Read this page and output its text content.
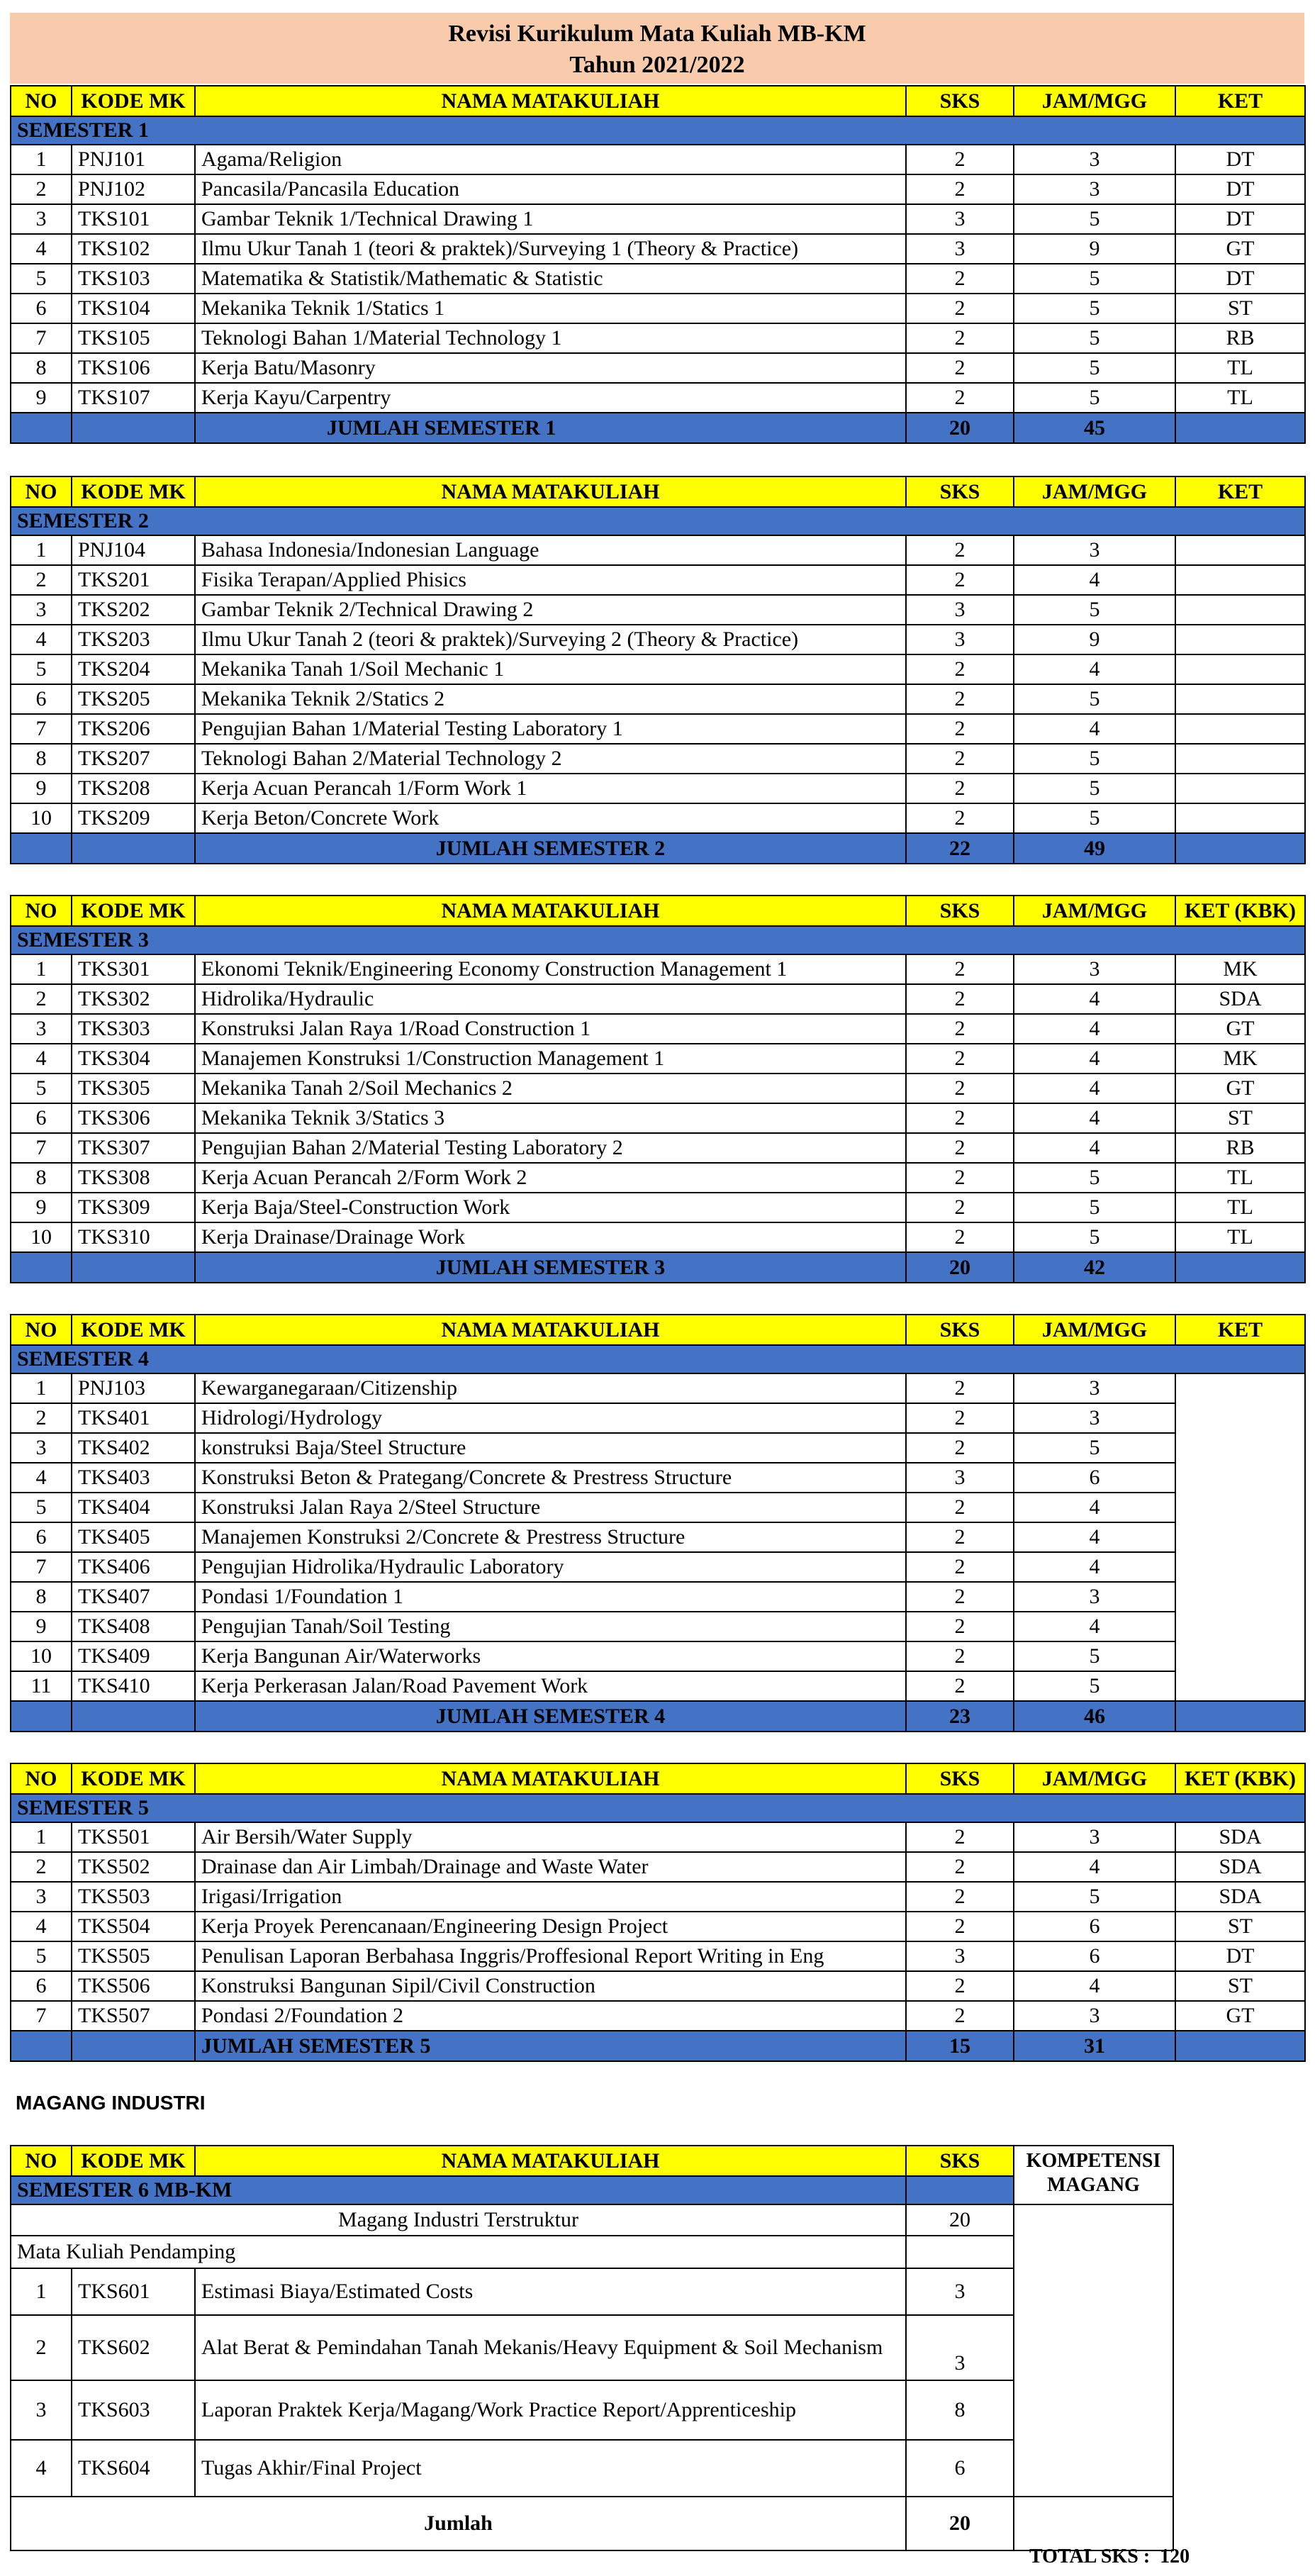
Revisi Kurikulum Mata Kuliah MB-KM
Tahun 2021/2022
NO	KODE MK	NAMA MATAKULIAH	SKS	JAM/MGG	KET
SEMESTER 1					
1	PNJ101	Agama/Religion	2	3	DT
2	PNJ102	Pancasila/Pancasila Education	2	3	DT
3	TKS101	Gambar Teknik 1/Technical Drawing 1	3	5	DT
4	TKS102	Ilmu Ukur Tanah 1 (teori & praktek)/Surveying 1 (Theory & Practice)	3	9	GT
5	TKS103	Matematika & Statistik/Mathematic & Statistic	2	5	DT
6	TKS104	Mekanika Teknik 1/Statics 1	2	5	ST
7	TKS105	Teknologi Bahan 1/Material Technology 1	2	5	RB
8	TKS106	Kerja Batu/Masonry	2	5	TL
9	TKS107	Kerja Kayu/Carpentry	2	5	TL
		JUMLAH SEMESTER 1	20	45	
NO	KODE MK	NAMA MATAKULIAH	SKS	JAM/MGG	KET
SEMESTER 2					
1	PNJ104	Bahasa Indonesia/Indonesian Language	2	3	
2	TKS201	Fisika Terapan/Applied Phisics	2	4	
3	TKS202	Gambar Teknik 2/Technical Drawing 2	3	5	
4	TKS203	Ilmu Ukur Tanah 2 (teori & praktek)/Surveying 2 (Theory & Practice)	3	9	
5	TKS204	Mekanika Tanah 1/Soil Mechanic 1	2	4	
6	TKS205	Mekanika Teknik 2/Statics 2	2	5	
7	TKS206	Pengujian Bahan 1/Material Testing Laboratory 1	2	4	
8	TKS207	Teknologi Bahan 2/Material Technology 2	2	5	
9	TKS208	Kerja Acuan Perancah 1/Form Work 1	2	5	
10	TKS209	Kerja Beton/Concrete Work	2	5	
		JUMLAH SEMESTER 2	22	49	
NO	KODE MK	NAMA MATAKULIAH	SKS	JAM/MGG	KET (KBK)
SEMESTER 3					
1	TKS301	Ekonomi Teknik/Engineering Economy Construction Management 1	2	3	MK
2	TKS302	Hidrolika/Hydraulic	2	4	SDA
3	TKS303	Konstruksi Jalan Raya 1/Road Construction 1	2	4	GT
4	TKS304	Manajemen Konstruksi 1/Construction Management 1	2	4	MK
5	TKS305	Mekanika Tanah 2/Soil Mechanics 2	2	4	GT
6	TKS306	Mekanika Teknik 3/Statics 3	2	4	ST
7	TKS307	Pengujian Bahan 2/Material Testing Laboratory 2	2	4	RB
8	TKS308	Kerja Acuan Perancah 2/Form Work 2	2	5	TL
9	TKS309	Kerja Baja/Steel-Construction Work	2	5	TL
10	TKS310	Kerja Drainase/Drainage Work	2	5	TL
		JUMLAH SEMESTER 3	20	42	
NO	KODE MK	NAMA MATAKULIAH	SKS	JAM/MGG	KET
SEMESTER 4					
1	PNJ103	Kewarganegaraan/Citizenship	2	3	
2	TKS401	Hidrologi/Hydrology	2	3	
3	TKS402	konstruksi Baja/Steel Structure	2	5	
4	TKS403	Konstruksi Beton & Prategang/Concrete & Prestress Structure	3	6	
5	TKS404	Konstruksi Jalan Raya 2/Steel Structure	2	4	
6	TKS405	Manajemen Konstruksi 2/Concrete & Prestress Structure	2	4	
7	TKS406	Pengujian Hidrolika/Hydraulic Laboratory	2	4	
8	TKS407	Pondasi 1/Foundation 1	2	3	
9	TKS408	Pengujian Tanah/Soil Testing	2	4	
10	TKS409	Kerja Bangunan Air/Waterworks	2	5	
11	TKS410	Kerja Perkerasan Jalan/Road Pavement Work	2	5	
		JUMLAH SEMESTER 4	23	46	
NO	KODE MK	NAMA MATAKULIAH	SKS	JAM/MGG	KET (KBK)
SEMESTER 5					
1	TKS501	Air Bersih/Water Supply	2	3	SDA
2	TKS502	Drainase dan Air Limbah/Drainage and Waste Water	2	4	SDA
3	TKS503	Irigasi/Irrigation	2	5	SDA
4	TKS504	Kerja Proyek Perencanaan/Engineering Design Project	2	6	ST
5	TKS505	Penulisan Laporan Berbahasa Inggris/Proffesional Report Writing in Eng	3	6	DT
6	TKS506	Konstruksi Bangunan Sipil/Civil Construction	2	4	ST
7	TKS507	Pondasi 2/Foundation 2	2	3	GT
		JUMLAH SEMESTER 5	15	31	
MAGANG INDUSTRI
NO	KODE MK	NAMA MATAKULIAH	SKS	KOMPETENSI MAGANG
SEMESTER 6 MB-KM				
Magang Industri Terstruktur			20	
Mata Kuliah Pendamping				
1	TKS601	Estimasi Biaya/Estimated Costs	3	
2	TKS602	Alat Berat & Pemindahan Tanah Mekanis/Heavy Equipment & Soil Mechanism	3	
3	TKS603	Laporan Praktek Kerja/Magang/Work Practice Report/Apprenticeship	8	
4	TKS604	Tugas Akhir/Final Project	6	
Jumlah			20	
TOTAL SKS : 120
